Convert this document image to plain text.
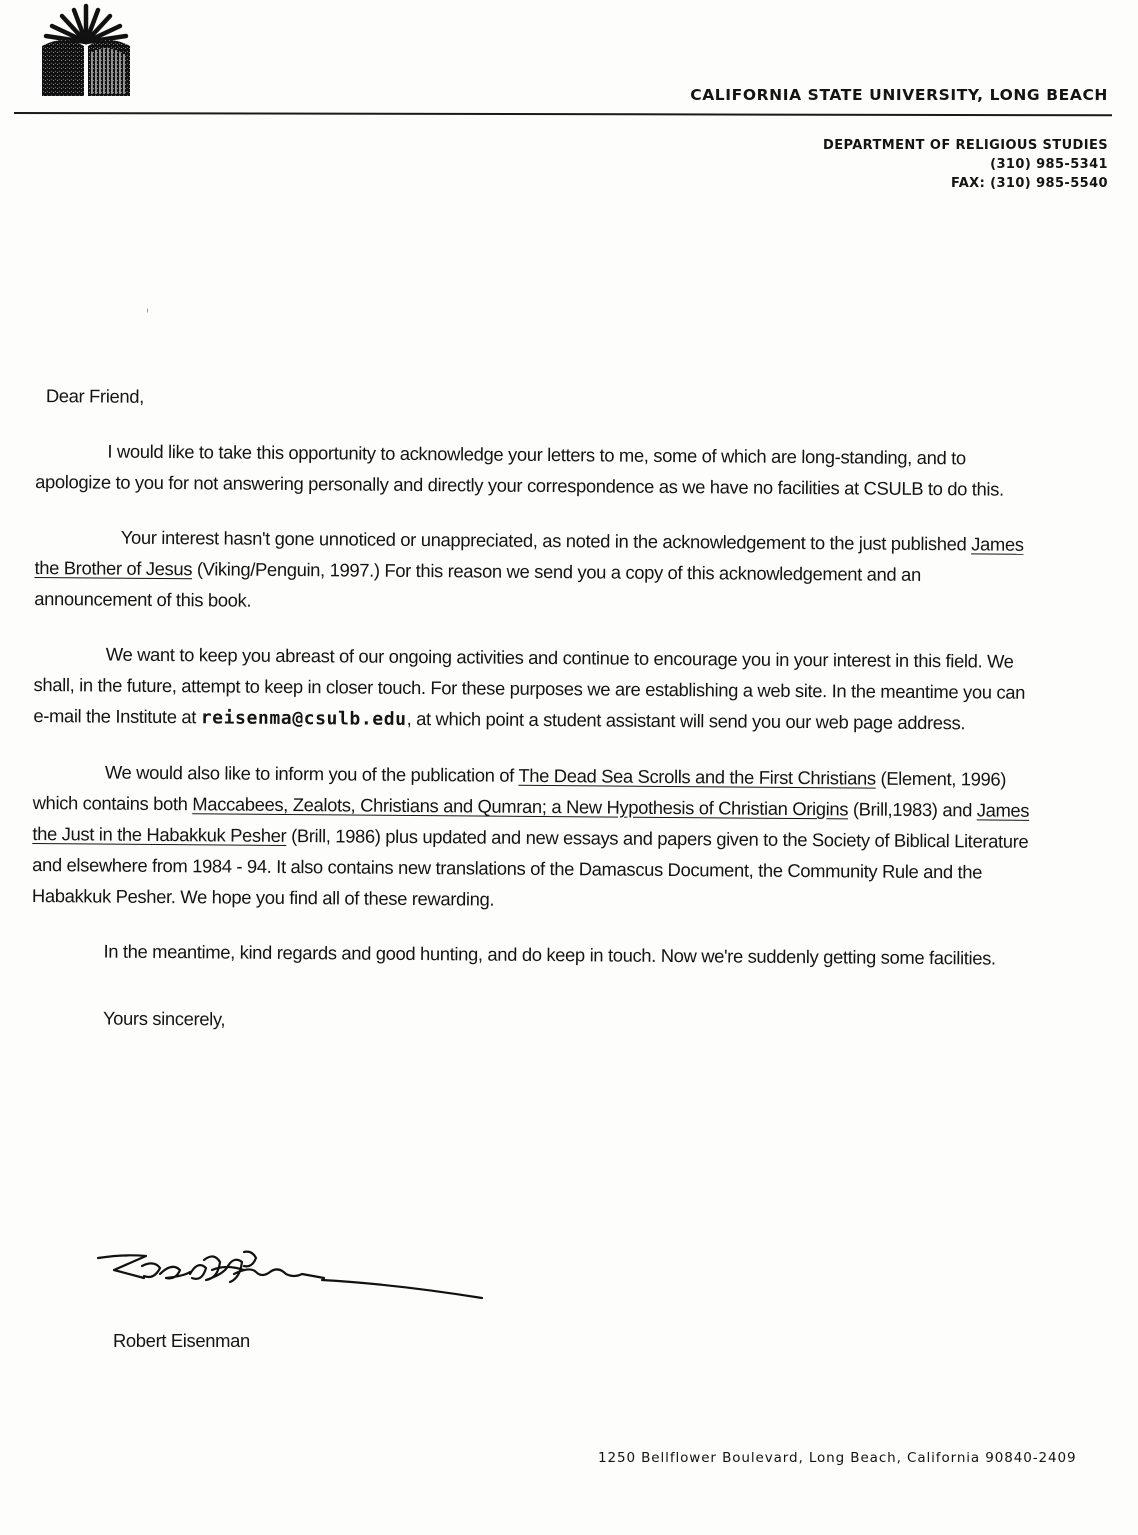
CALIFORNIA STATE UNIVERSITY, LONG BEACH
DEPARTMENT OF RELIGIOUS STUDIES
(310) 985-5341
FAX: (310) 985-5540
ᵎ

Dear Friend,

I would like to take this opportunity to acknowledge your letters to me, some of which are long-standing, and to apologize to you for not answering personally and directly your correspondence as we have no facilities at CSULB to do this.

Your interest hasn't gone unnoticed or unappreciated, as noted in the acknowledgement to the just published James the Brother of Jesus (Viking/Penguin, 1997.) For this reason we send you a copy of this acknowledgement and an announcement of this book.

We want to keep you abreast of our ongoing activities and continue to encourage you in your interest in this field. We shall, in the future, attempt to keep in closer touch. For these purposes we are establishing a web site. In the meantime you can e-mail the Institute at reisenma@csulb.edu, at which point a student assistant will send you our web page address.

We would also like to inform you of the publication of The Dead Sea Scrolls and the First Christians (Element, 1996) which contains both Maccabees, Zealots, Christians and Qumran; a New Hypothesis of Christian Origins (Brill,1983) and James the Just in the Habakkuk Pesher (Brill, 1986) plus updated and new essays and papers given to the Society of Biblical Literature and elsewhere from 1984 - 94. It also contains new translations of the Damascus Document, the Community Rule and the Habakkuk Pesher. We hope you find all of these rewarding.

In the meantime, kind regards and good hunting, and do keep in touch. Now we're suddenly getting some facilities.

Yours sincerely,

Robert Eisenman
1250 Bellflower Boulevard, Long Beach, California 90840-2409
